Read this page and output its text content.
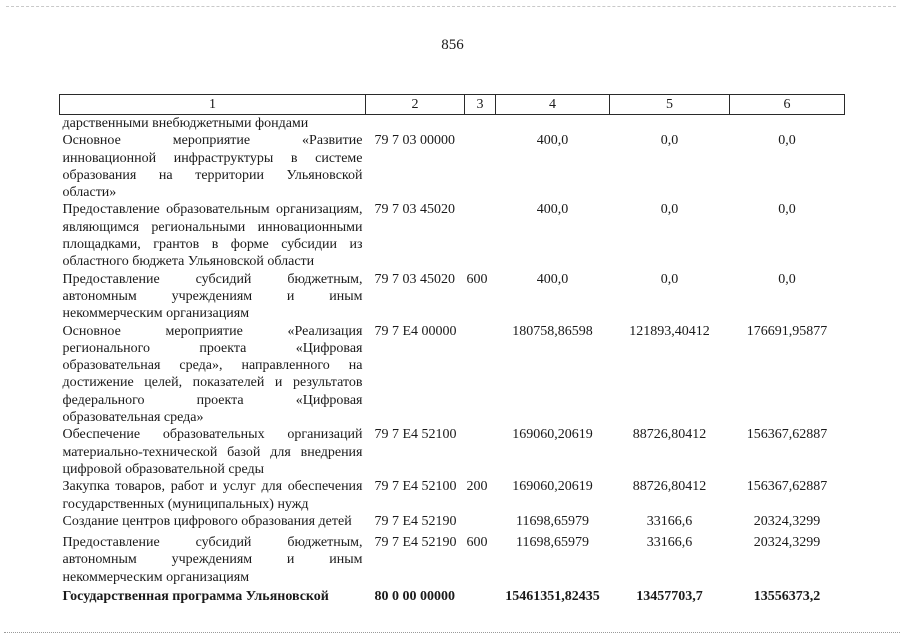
856
1	2	3	4	5	6
дарственными внебюджетными фондами					
Основное мероприятие «Развитие инновационной инфраструктуры в системе образования на территории Ульяновской области»	79 7 03 00000		400,0	0,0	0,0
Предоставление образовательным организациям, являющимся региональными инновационными площадками, грантов в форме субсидии из областного бюджета Ульяновской области	79 7 03 45020		400,0	0,0	0,0
Предоставление субсидий бюджетным, автономным учреждениям и иным некоммерческим организациям	79 7 03 45020	600	400,0	0,0	0,0
Основное мероприятие «Реализация регионального проекта «Цифровая образовательная среда», направленного на достижение целей, показателей и результатов федерального проекта «Цифровая образовательная среда»	79 7 E4 00000		180758,86598	121893,40412	176691,95877
Обеспечение образовательных организаций материально-технической базой для внедрения цифровой образовательной среды	79 7 E4 52100		169060,20619	88726,80412	156367,62887
Закупка товаров, работ и услуг для обеспечения государственных (муниципальных) нужд	79 7 E4 52100	200	169060,20619	88726,80412	156367,62887
Создание центров цифрового образования детей	79 7 E4 52190		11698,65979	33166,6	20324,3299
Предоставление субсидий бюджетным, автономным учреждениям и иным некоммерческим организациям	79 7 E4 52190	600	11698,65979	33166,6	20324,3299
Государственная программа Ульяновской	80 0 00 00000		15461351,82435	13457703,7	13556373,2
